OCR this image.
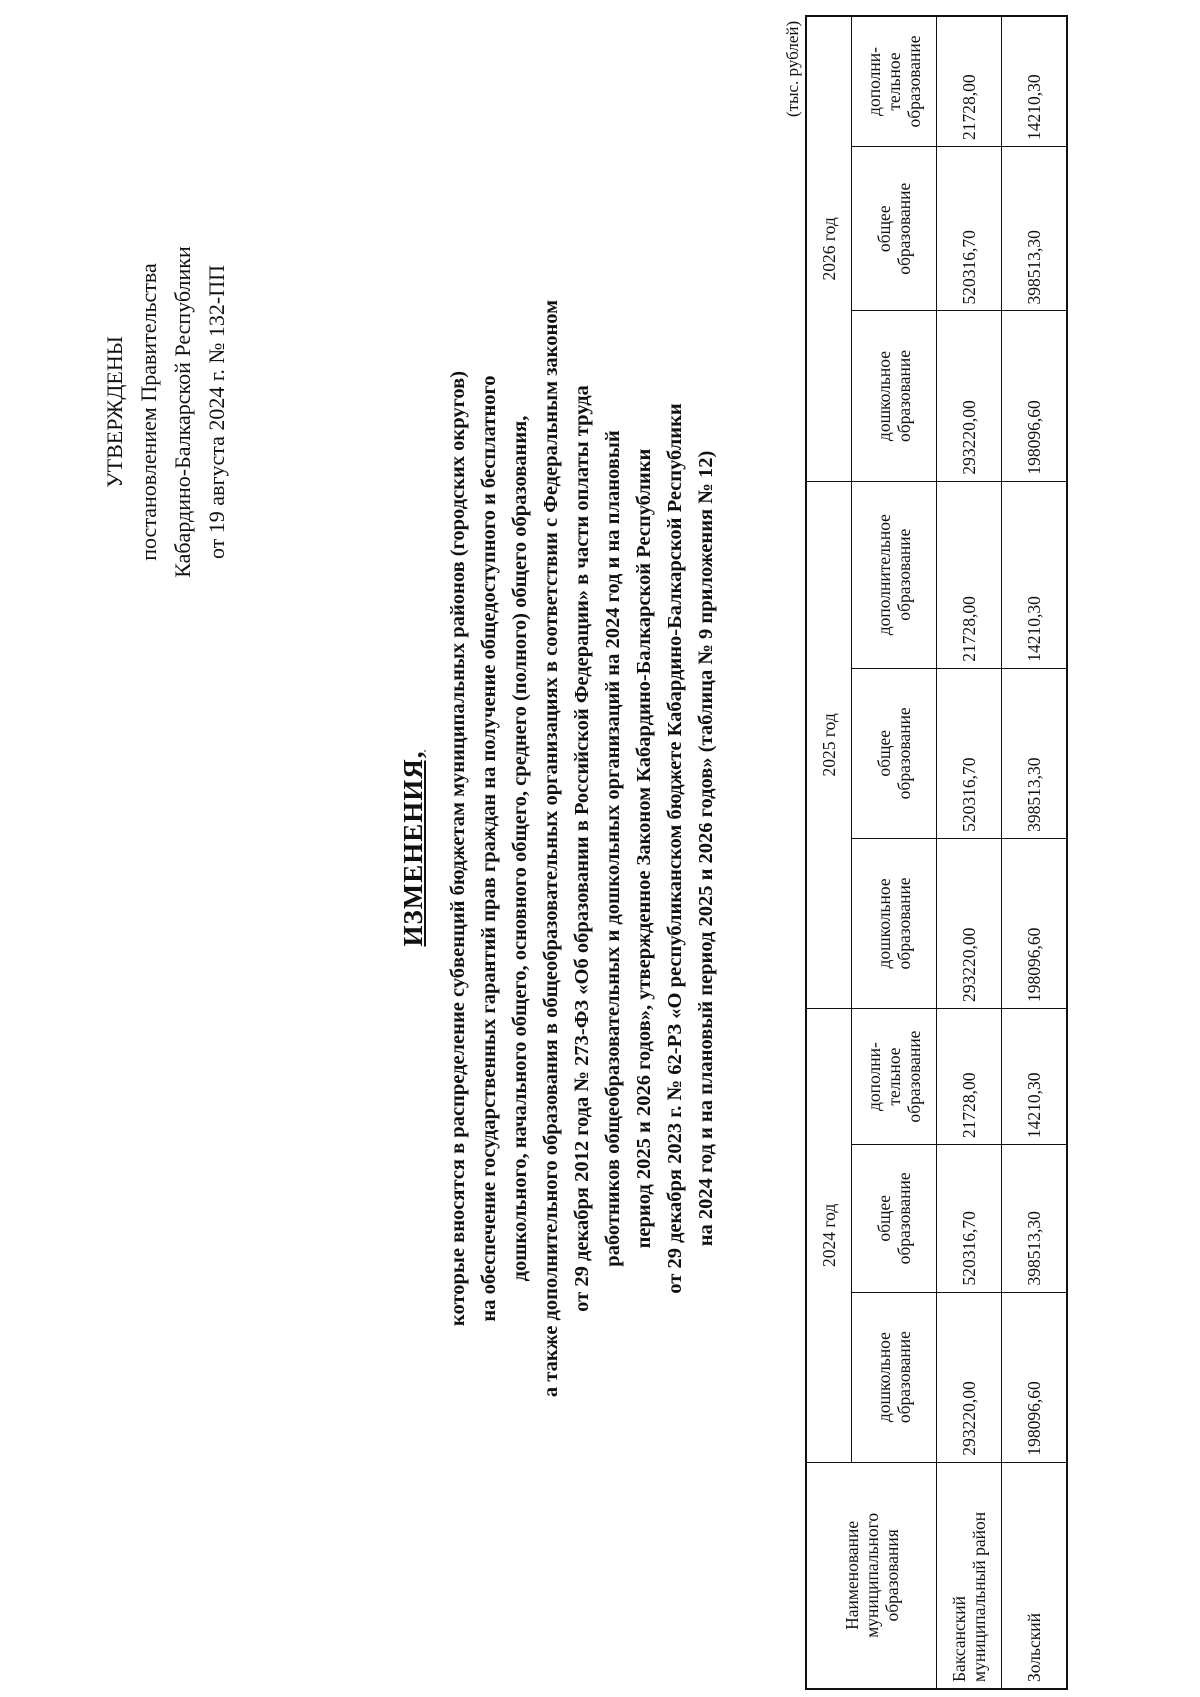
УТВЕРЖДЕНЫ постановлением Правительства Кабардино-Балкарской Республики от 19 августа 2024 г. № 132-ПП
ИЗМЕНЕНИЯ, которые вносятся в распределение субвенций бюджетам муниципальных районов (городских округов) на обеспечение государственных гарантий прав граждан на получение общедоступного и бесплатного дошкольного, начального общего, основного общего, среднего (полного) общего образования, а также дополнительного образования в общеобразовательных организациях в соответствии с Федеральным законом от 29 декабря 2012 года № 273-ФЗ «Об образовании в Российской Федерации» в части оплаты труда работников общеобразовательных и дошкольных организаций на 2024 год и на плановый период 2025 и 2026 годов», утвержденное Законом Кабардино-Балкарской Республики от 29 декабря 2023 г. № 62-РЗ «О республиканском бюджете Кабардино-Балкарской Республики на 2024 год и на плановый период 2025 и 2026 годов» (таблица № 9 приложения № 12)
(тыс. рублей)
Наименование муниципального образования	2024 год			2025 год			2026 год		

	дошкольное образование	общее образование	дополни- тельное образование	дошкольное образование	общее образование	дополнительное образование	дошкольное образование	общее образование	дополни- тельное образование

Баксанский муниципальный район	293220,00	520316,70	21728,00	293220,00	520316,70	21728,00	293220,00	520316,70	21728,00

Зольский	198096,60	398513,30	14210,30	198096,60	398513,30	14210,30	198096,60	398513,30	14210,30
